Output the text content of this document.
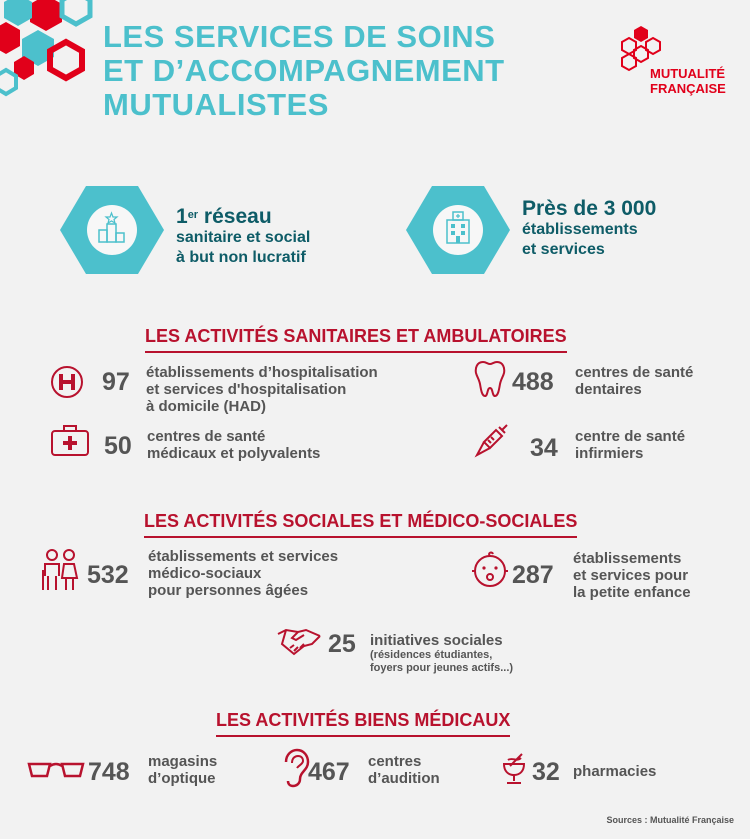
LES SERVICES DE SOINS
ET D’ACCOMPAGNEMENT
MUTUALISTES
MUTUALITÉ
FRANÇAISE
1er réseau
sanitaire et social
à but non lucratif
Près de 3 000
établissements
et services
LES ACTIVITÉS SANITAIRES ET AMBULATOIRES
97 établissements d’hospitalisation
et services d'hospitalisation
à domicile (HAD)
488 centres de santé
dentaires
50 centres de santé
médicaux et polyvalents	34 centre de santé
infirmiers
LES ACTIVITÉS SOCIALES ET MÉDICO-SOCIALES
532
établissements et services
médico-sociaux
pour personnes âgées
287
établissements
et services pour
la petite enfance
25 initiatives sociales
(résidences étudiantes,
foyers pour jeunes actifs...)
LES ACTIVITÉS BIENS MÉDICAUX
748 magasins
d’optique	467 centres
d’audition	32 pharmacies
Sources : Mutualité Française
